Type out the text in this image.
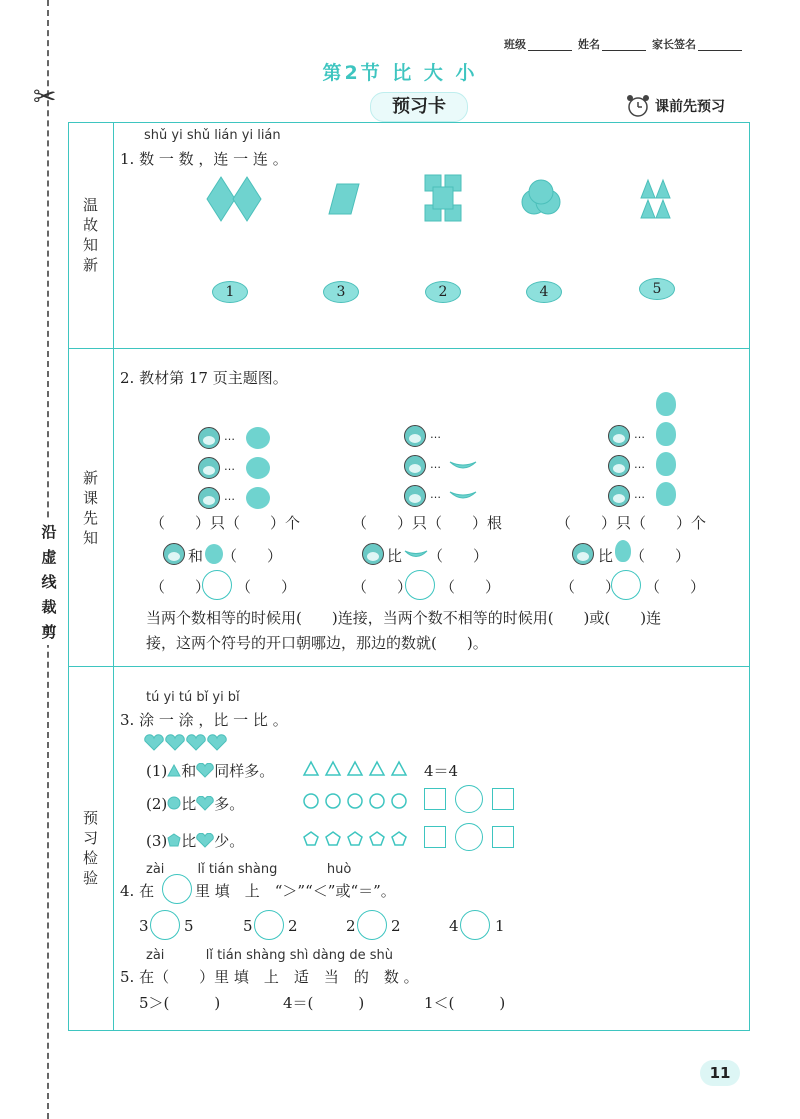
✂
沿
虚
线
裁
剪
班级	姓名	家长签名
第2节 比 大 小
预习卡	课前先预习
温
故
知
新
新
课
先
知
预
习
检
验
shǔ yi shǔ lián yi lián
1. 数 一 数 ，连 一 连 。
1	3	2	4	5
2. 教材第 17 页主题图。
…
…
…
…
…
…
…
…
…
（　　）只（　　）个	（　　）只（　　）根	（　　）只（　　）个
和 （　　）	比 （　　）	比 （　　）
（　　） （　　）	（　　） （　　）	（　　） （　　）
当两个数相等的时候用(　　)连接，当两个数不相等的时候用(　　)或(　　)连
接，这两个符号的开口朝哪边，那边的数就(　　)。
tú yi tú bǐ yi bǐ
3. 涂 一 涂 ，比 一 比 。
(1) 和 同样多。	4＝4
(2) 比 多。
(3) 比 少。
zài        lǐ tián shàng            huò
4. 在	里 填　上　“＞”“＜”或“＝”。
3 5	5 2	2 2	4 1
zài          lǐ tián shàng shì dàng de shù
5. 在（　　）里 填　上　适　当　的　数 。
5＞(　　　)	4＝(　　　)	1＜(　　　)
11
